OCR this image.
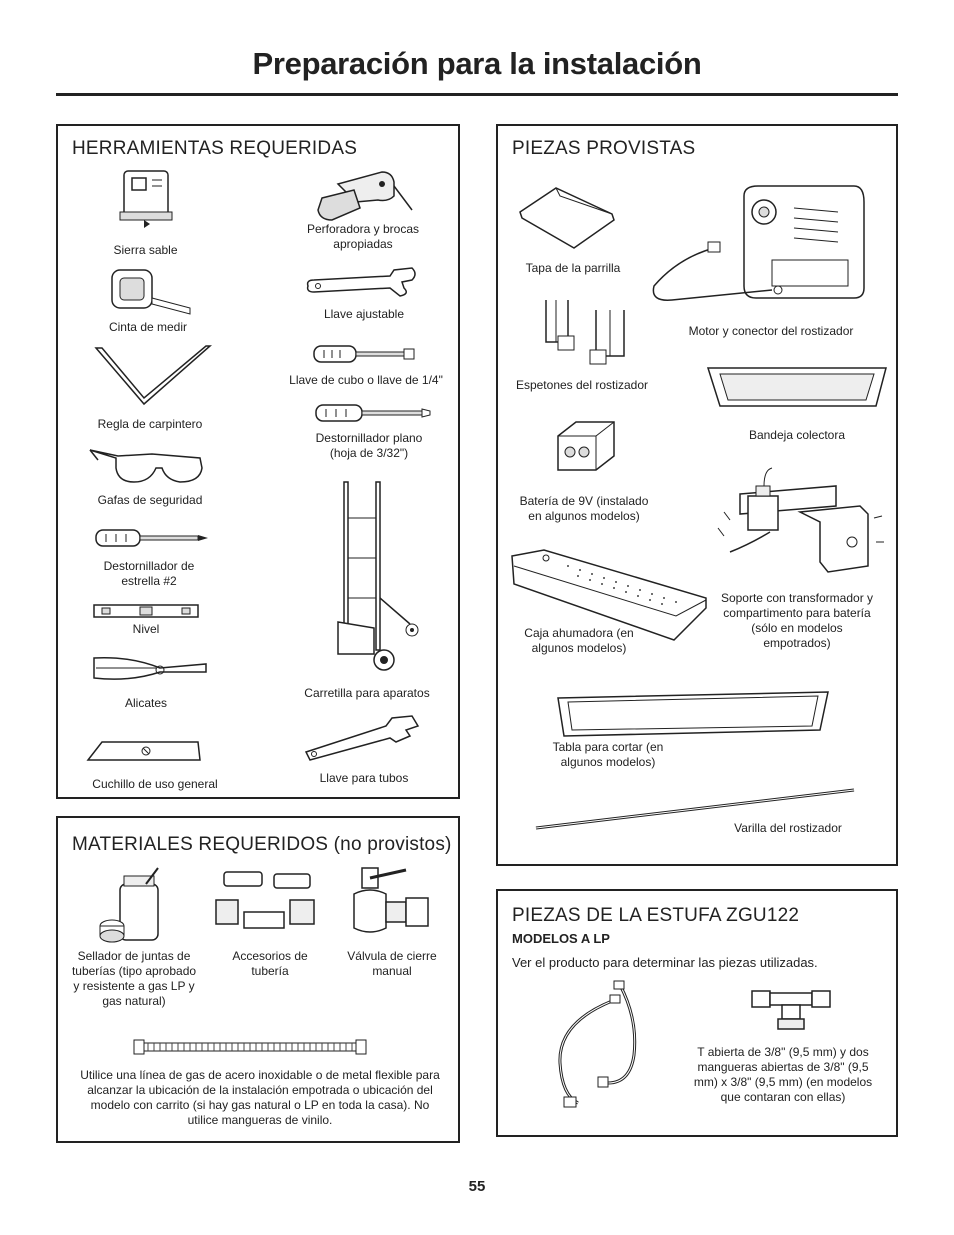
Preparación para la instalación
HERRAMIENTAS REQUERIDAS
Sierra sable
Perforadora y brocas apropiadas
Cinta de medir
Llave ajustable
Llave de cubo o llave de 1/4"
Regla de carpintero
Destornillador plano (hoja de 3/32")
Gafas de seguridad
Destornillador de estrella #2
Nivel
Alicates
Carretilla para aparatos
Cuchillo de uso general	Llave para tubos
MATERIALES REQUERIDOS (no provistos)
Sellador de juntas de tuberías (tipo aprobado y resistente a gas LP y gas natural)
Accesorios de tubería
Válvula de cierre manual
Utilice una línea de gas de acero inoxidable o de metal flexible para alcanzar la ubicación de la instalación empotrada o ubicación del modelo con carrito (si hay gas natural o LP en toda la casa). No utilice mangueras de vinilo.
PIEZAS PROVISTAS
Tapa de la parrilla
Motor y conector del rostizador
Espetones del rostizador
Bandeja colectora
Batería de 9V (instalado en algunos modelos)
Soporte con transformador y compartimento para batería (sólo en modelos empotrados)
Caja ahumadora (en algunos modelos)
Tabla para cortar (en algunos modelos)
Varilla del rostizador
PIEZAS DE LA ESTUFA ZGU122
MODELOS A LP
Ver el producto para determinar las piezas utilizadas.
T abierta de 3/8" (9,5 mm) y dos mangueras abiertas de 3/8" (9,5 mm) x 3/8" (9,5 mm) (en modelos que contaran con ellas)
55
